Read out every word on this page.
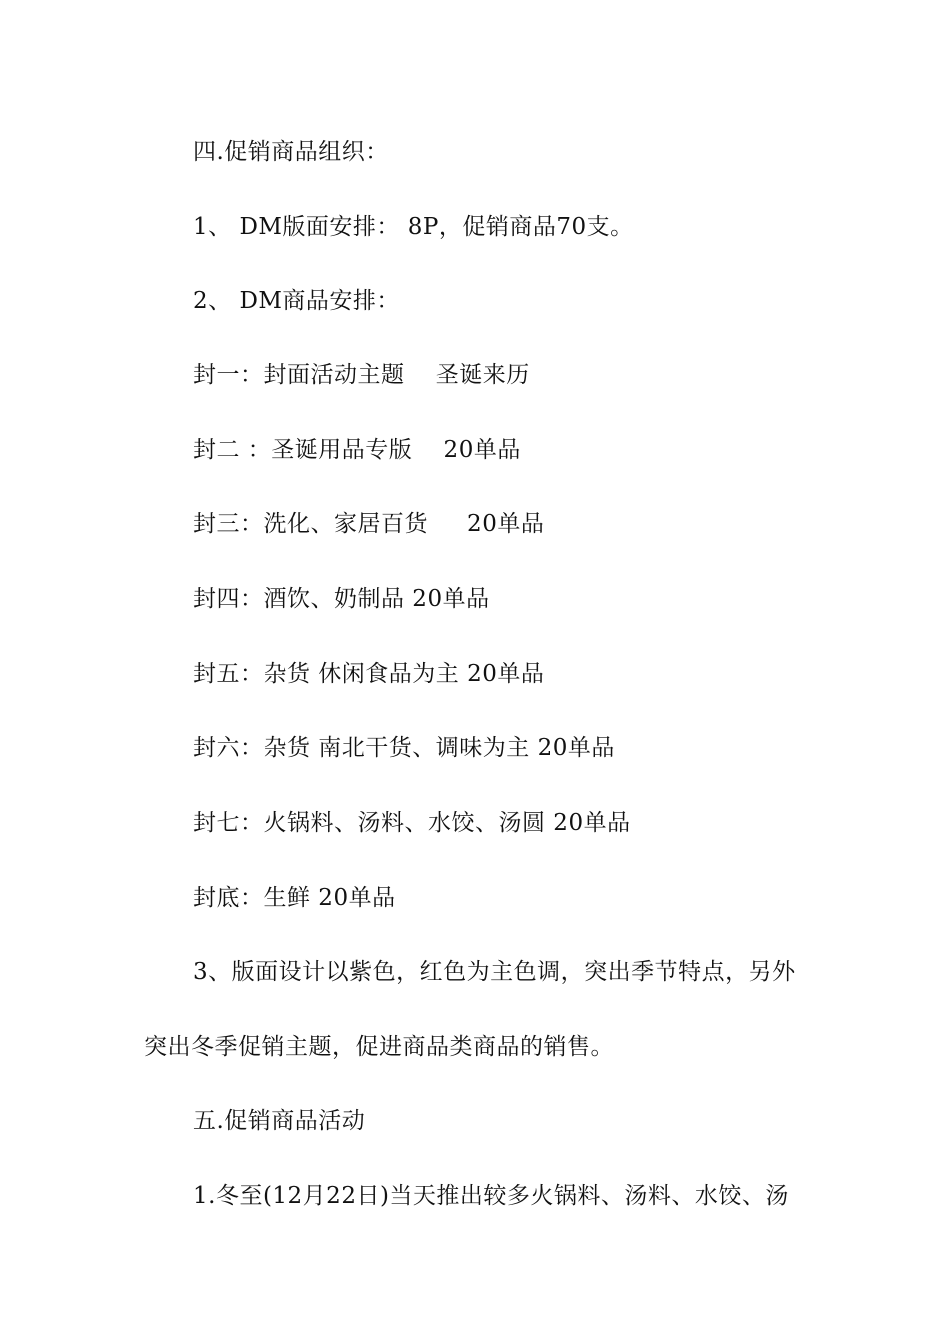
四.促销商品组织：
1、 DM版面安排： 8P，促销商品70支。
2、 DM商品安排：
封一：封面活动主题    圣诞来历
封二 ：圣诞用品专版    20单品
封三：洗化、家居百货     20单品
封四：酒饮、奶制品 20单品
封五：杂货 休闲食品为主 20单品
封六：杂货 南北干货、调味为主 20单品
封七：火锅料、汤料、水饺、汤圆 20单品
封底：生鲜 20单品
3、版面设计以紫色，红色为主色调，突出季节特点，另外
突出冬季促销主题，促进商品类商品的销售。
五.促销商品活动
1.冬至(12月22日)当天推出较多火锅料、汤料、水饺、汤
